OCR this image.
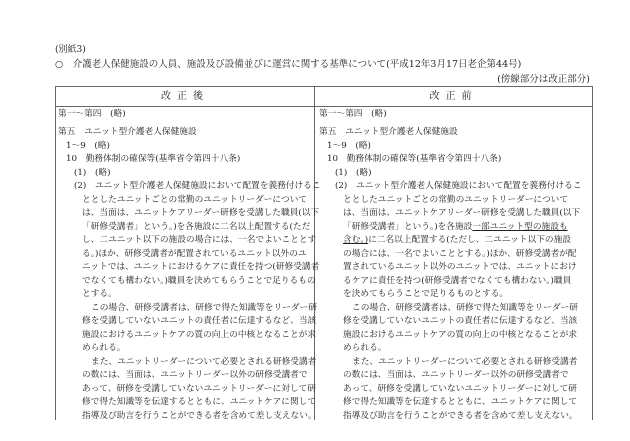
(別紙3)
○　介護老人保健施設の人員、施設及び設備並びに運営に関する基準について(平成12年3月17日老企第44号)
(傍線部分は改正部分)
改正後	改正前
第一～第四　(略)
第五　ユニット型介護老人保健施設
1～9　(略)
10　勤務体制の確保等(基準省令第四十八条)
(1)　(略)
(2)　ユニット型介護老人保健施設において配置を義務付けるこ
ととしたユニットごとの常勤のユニットリーダーについて
は、当面は、ユニットケアリーダー研修を受講した職員(以下
「研修受講者」という。)を各施設に二名以上配置する(ただ
し、二ユニット以下の施設の場合には、一名でよいこととす
る。)ほか、研修受講者が配置されているユニット以外のユ
ニットでは、ユニットにおけるケアに責任を持つ(研修受講者
でなくても構わない。)職員を決めてもらうことで足りるもの
とする。
この場合、研修受講者は、研修で得た知識等をリーダー研
修を受講していないユニットの責任者に伝達するなど、当該
施設におけるユニットケアの質の向上の中核となることが求
められる。
また、ユニットリーダーについて必要とされる研修受講者
の数には、当面は、ユニットリーダー以外の研修受講者で
あって、研修を受講していないユニットリーダーに対して研
修で得た知識等を伝達するとともに、ユニットケアに関して
指導及び助言を行うことができる者を含めて差し支えない。
第一～第四　(略)
第五　ユニット型介護老人保健施設
1～9　(略)
10　勤務体制の確保等(基準省令第四十八条)
(1)　(略)
(2)　ユニット型介護老人保健施設において配置を義務付けるこ
ととしたユニットごとの常勤のユニットリーダーについて
は、当面は、ユニットケアリーダー研修を受講した職員(以下
「研修受講者」という。)を各施設一部ユニット型の施設も
含む。)に二名以上配置する(ただし、二ユニット以下の施設
の場合には、一名でよいこととする。)ほか、研修受講者が配
置されているユニット以外のユニットでは、ユニットにおけ
るケアに責任を持つ(研修受講者でなくても構わない。)職員
を決めてもらうことで足りるものとする。
この場合、研修受講者は、研修で得た知識等をリーダー研
修を受講していないユニットの責任者に伝達するなど、当該
施設におけるユニットケアの質の向上の中核となることが求
められる。
また、ユニットリーダーについて必要とされる研修受講者
の数には、当面は、ユニットリーダー以外の研修受講者で
あって、研修を受講していないユニットリーダーに対して研
修で得た知識等を伝達するとともに、ユニットケアに関して
指導及び助言を行うことができる者を含めて差し支えない。
